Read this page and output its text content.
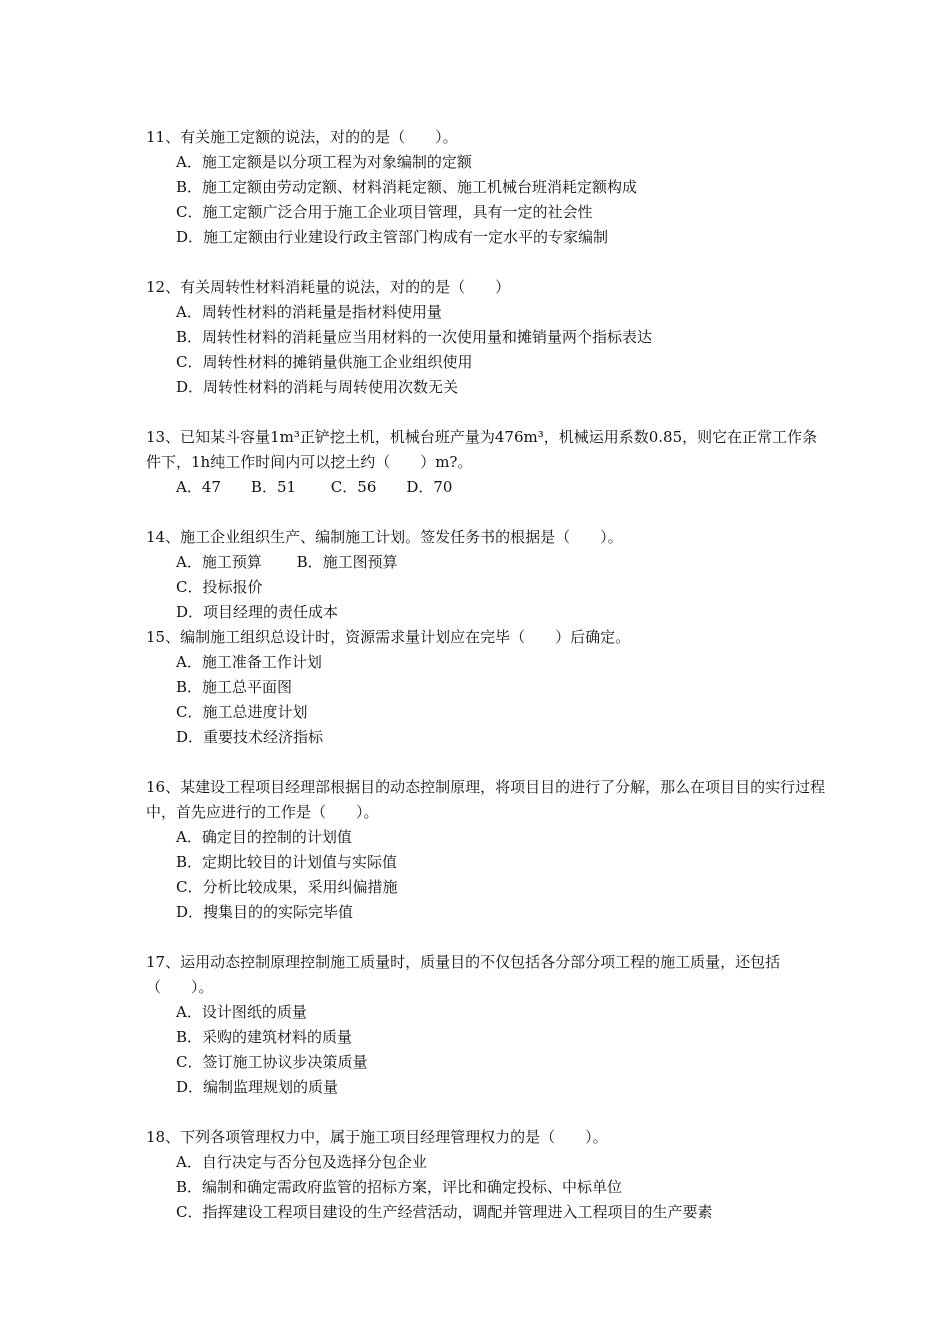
11、有关施工定额的说法，对的的是（　　）。

A．施工定额是以分项工程为对象编制的定额

B．施工定额由劳动定额、材料消耗定额、施工机械台班消耗定额构成

C．施工定额广泛合用于施工企业项目管理，具有一定的社会性

D．施工定额由行业建设行政主管部门构成有一定水平的专家编制

12、有关周转性材料消耗量的说法，对的的是（　　）

A．周转性材料的消耗量是指材料使用量

B．周转性材料的消耗量应当用材料的一次使用量和摊销量两个指标表达

C．周转性材料的摊销量供施工企业组织使用

D．周转性材料的消耗与周转使用次数无关

13、已知某斗容量1m³正铲挖土机，机械台班产量为476m³，机械运用系数0.85，则它在正常工作条件下，1h纯工作时间内可以挖土约（　　）m?。

A．47　　B．51　　 C．56　　D．70

14、施工企业组织生产、编制施工计划。签发任务书的根据是（　　）。

A．施工预算　　 B．施工图预算

C．投标报价

D．项目经理的责任成本

15、编制施工组织总设计时，资源需求量计划应在完毕（　　）后确定。

A．施工准备工作计划

B．施工总平面图

C．施工总进度计划

D．重要技术经济指标

16、某建设工程项目经理部根据目的动态控制原理，将项目目的进行了分解，那么在项目目的实行过程中，首先应进行的工作是（　　）。

A．确定目的控制的计划值

B．定期比较目的计划值与实际值

C．分析比较成果，采用纠偏措施

D．搜集目的的实际完毕值

17、运用动态控制原理控制施工质量时，质量目的不仅包括各分部分项工程的施工质量，还包括（　　）。

A．设计图纸的质量

B．采购的建筑材料的质量

C．签订施工协议步决策质量

D．编制监理规划的质量

18、下列各项管理权力中，属于施工项目经理管理权力的是（　　）。

A．自行决定与否分包及选择分包企业

B．编制和确定需政府监管的招标方案，评比和确定投标、中标单位

C．指挥建设工程项目建设的生产经营活动，调配并管理进入工程项目的生产要素
